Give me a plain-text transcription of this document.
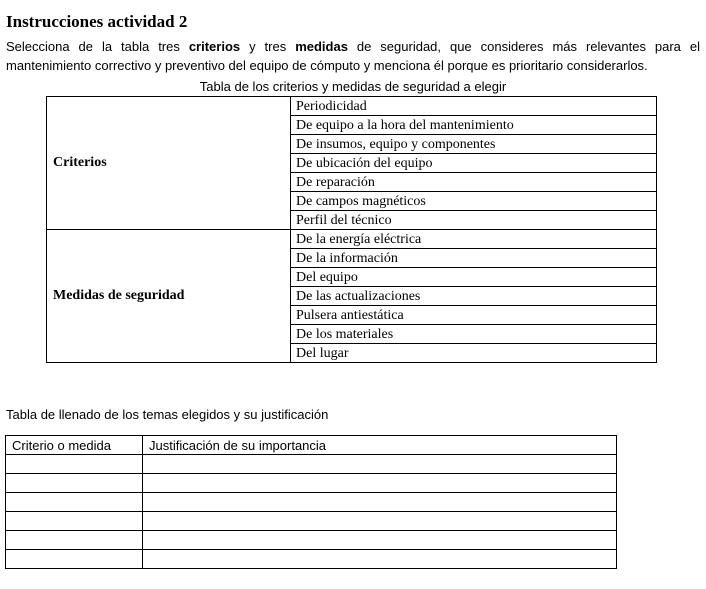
Instrucciones actividad 2
Selecciona de la tabla tres criterios y tres medidas de seguridad, que consideres más relevantes para el mantenimiento correctivo y preventivo del equipo de cómputo y menciona él porque es prioritario considerarlos.
Tabla de los criterios y medidas de seguridad a elegir
Criterios	Periodicidad
	De equipo a la hora del mantenimiento
	De insumos, equipo y componentes
	De ubicación del equipo
	De reparación
	De campos magnéticos
	Perfil del técnico
Medidas de seguridad	De la energía eléctrica
	De la información
	Del equipo
	De las actualizaciones
	Pulsera antiestática
	De los materiales
	Del lugar
Tabla de llenado de los temas elegidos y su justificación
Criterio o medida	Justificación de su importancia
